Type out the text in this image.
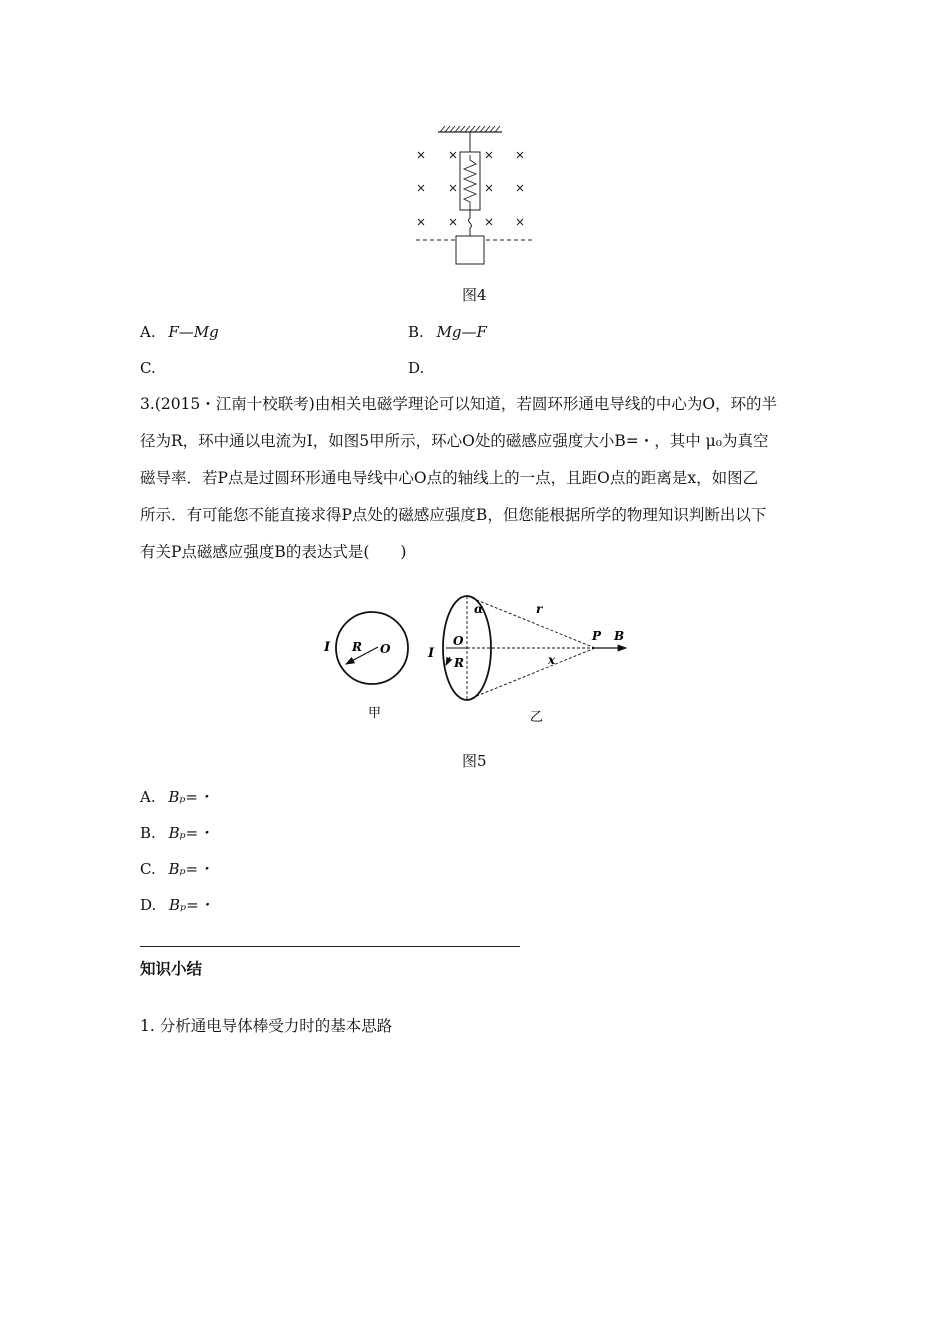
图4
A. F—Mg	B. Mg—F
C.	D.
3.(2015・江南十校联考)由相关电磁学理论可以知道，若圆环形通电导线的中心为O，环的半
径为R，环中通以电流为I，如图5甲所示，环心O处的磁感应强度大小B=・，其中 μ₀为真空
磁导率．若P点是过圆环形通电导线中心O点的轴线上的一点，且距O点的距离是x，如图乙
所示．有可能您不能直接求得P点处的磁感应强度B，但您能根据所学的物理知识判断出以下
有关P点磁感应强度B的表达式是(　　)
I R O
甲
I
O
R
α	r
x
P B
乙
图5
A. Bₚ=・
B. Bₚ=・
C. Bₚ=・
D. Bₚ=・
知识小结
1. 分析通电导体棒受力时的基本思路
